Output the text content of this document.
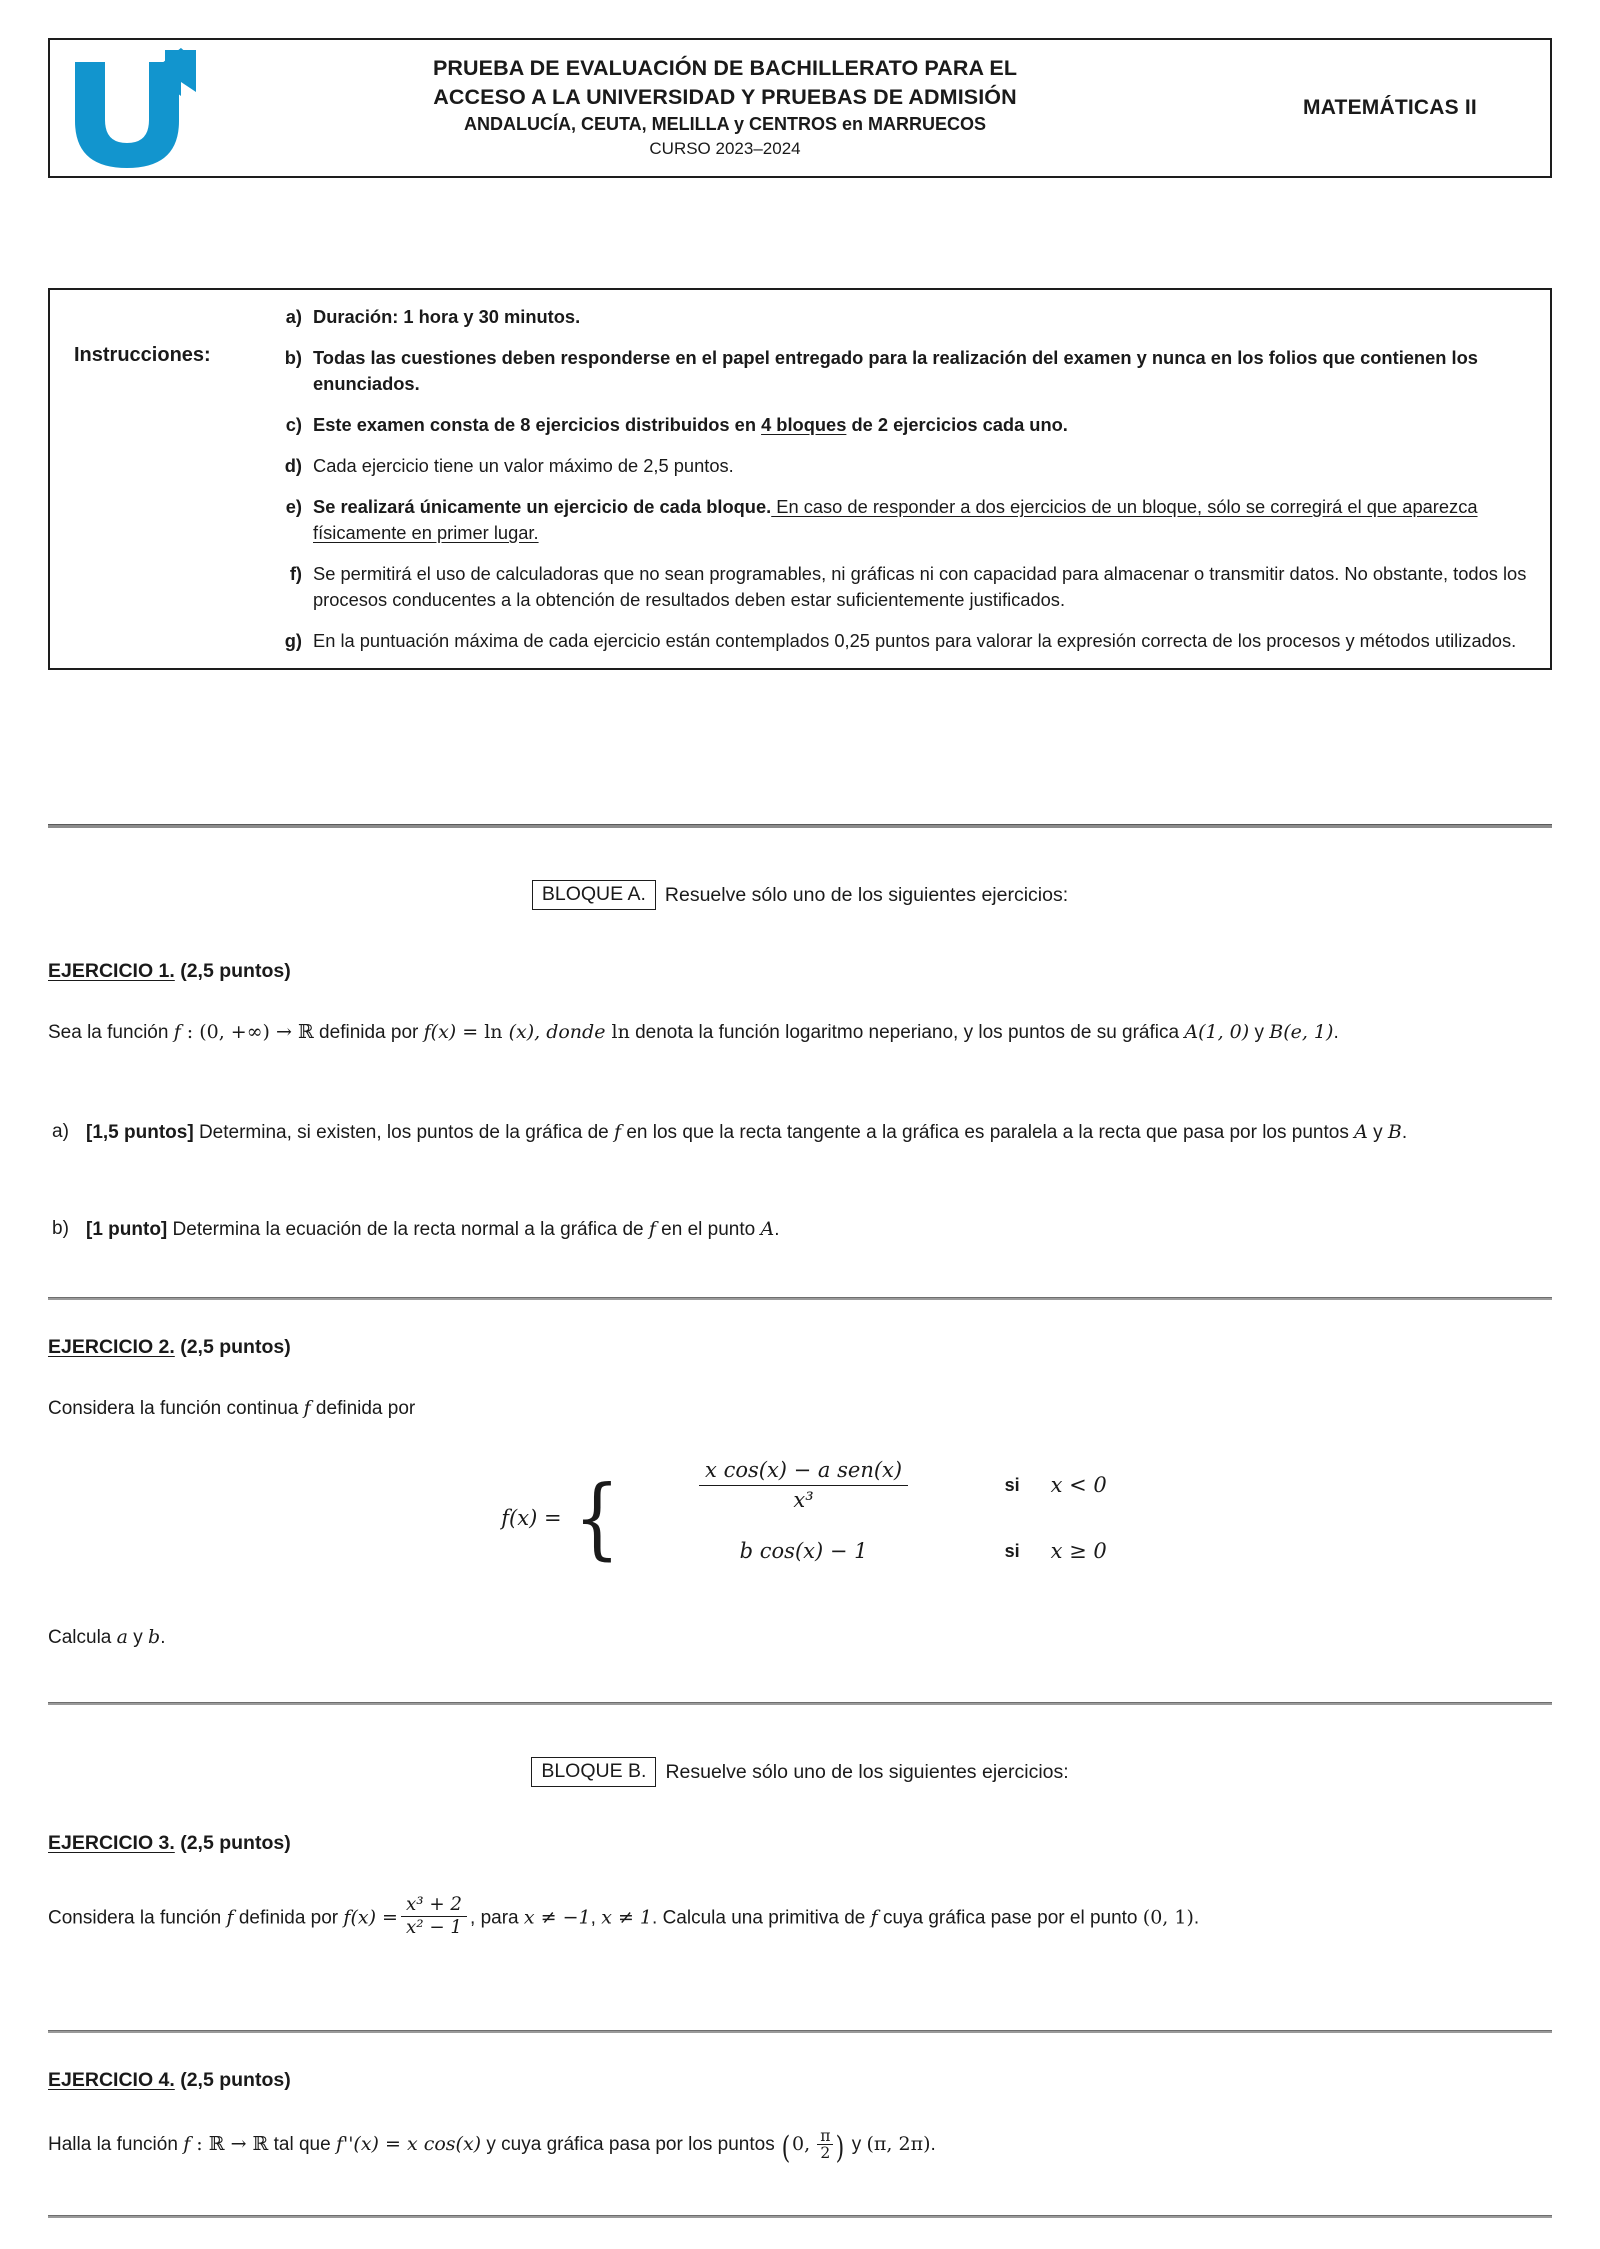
PRUEBA DE EVALUACIÓN DE BACHILLERATO PARA EL
ACCESO A LA UNIVERSIDAD Y PRUEBAS DE ADMISIÓN
ANDALUCÍA, CEUTA, MELILLA y CENTROS en MARRUECOS
CURSO 2023–2024
MATEMÁTICAS II
Instrucciones:
a) Duración: 1 hora y 30 minutos.
b) Todas las cuestiones deben responderse en el papel entregado para la realización del examen y nunca en los folios que contienen los enunciados.
c) Este examen consta de 8 ejercicios distribuidos en 4 bloques de 2 ejercicios cada uno.
d) Cada ejercicio tiene un valor máximo de 2,5 puntos.
e) Se realizará únicamente un ejercicio de cada bloque. En caso de responder a dos ejercicios de un bloque, sólo se corregirá el que aparezca físicamente en primer lugar.
f) Se permitirá el uso de calculadoras que no sean programables, ni gráficas ni con capacidad para almacenar o transmitir datos. No obstante, todos los procesos conducentes a la obtención de resultados deben estar suficientemente justificados.
g) En la puntuación máxima de cada ejercicio están contemplados 0,25 puntos para valorar la expresión correcta de los procesos y métodos utilizados.
BLOQUE A. Resuelve sólo uno de los siguientes ejercicios:
EJERCICIO 1. (2,5 puntos)
Sea la función f : (0, +∞) → ℝ definida por f(x) = ln (x), donde ln denota la función logaritmo neperiano, y los puntos de su gráfica A(1, 0) y B(e, 1).
a) [1,5 puntos] Determina, si existen, los puntos de la gráfica de f en los que la recta tangente a la gráfica es paralela a la recta que pasa por los puntos A y B.
b) [1 punto] Determina la ecuación de la recta normal a la gráfica de f en el punto A.
EJERCICIO 2. (2,5 puntos)
Considera la función continua f definida por
f(x) = {	$\frac{\text{x cos(x) − a sen(x)}}{\text{x³}}$	si	x < 0
b cos(x) − 1	si	x ≥ 0
Calcula a y b.
BLOQUE B. Resuelve sólo uno de los siguientes ejercicios:
EJERCICIO 3. (2,5 puntos)
Considera la función f definida por $f(x) = \frac{\text{x³ + 2}}{\text{x² − 1}}$ , para x ≠ −1, x ≠ 1. Calcula una primitiva de f cuya gráfica pase por el punto (0, 1).
EJERCICIO 4. (2,5 puntos)
Halla la función f : ℝ → ℝ tal que f''(x) = x cos(x) y cuya gráfica pasa por los puntos (0, $\frac{\pi}{2}$ ) y (π, 2π).
